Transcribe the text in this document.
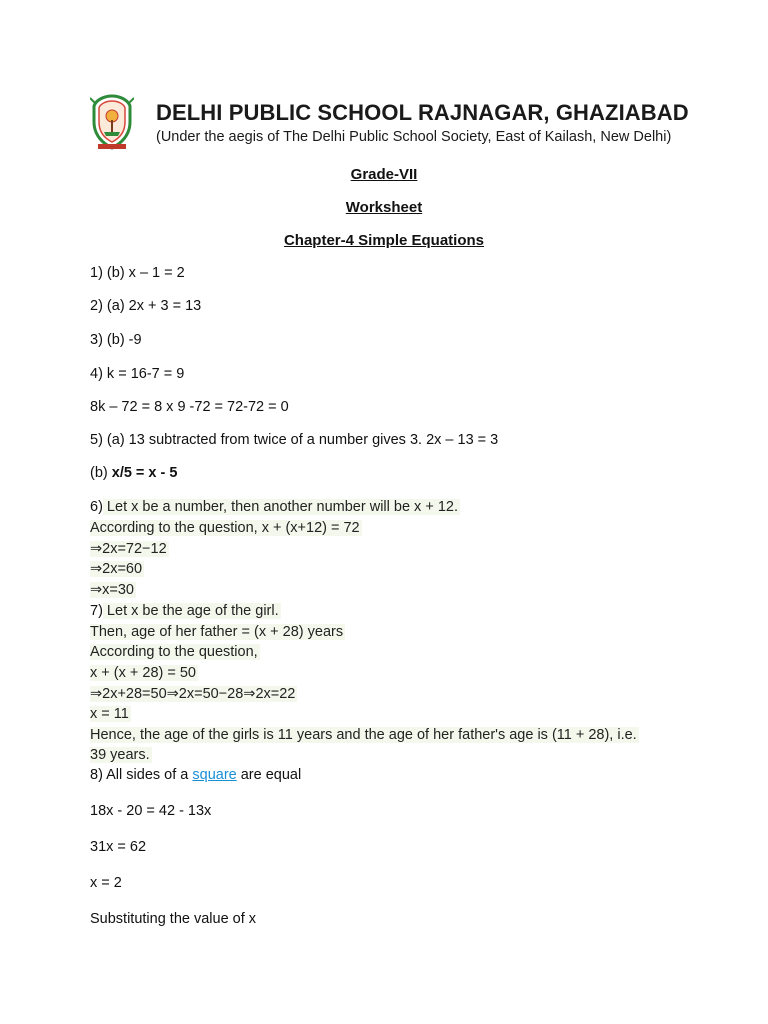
DELHI PUBLIC SCHOOL RAJNAGAR, GHAZIABAD
(Under the aegis of The Delhi Public School Society, East of Kailash, New Delhi)
Grade-VII
Worksheet
Chapter-4 Simple Equations
1) (b) x – 1 = 2
2) (a) 2x + 3 = 13
3) (b) -9
4) k = 16-7 = 9
8k – 72 = 8 x 9 -72 = 72-72 = 0
5) (a) 13 subtracted from twice of a number gives 3. 2x – 13 = 3
(b) x/5 = x - 5
6) Let x be a number, then another number will be x + 12.
According to the question, x + (x+12) = 72
⇒2x=72−12
⇒2x=60
⇒x=30
7) Let x be the age of the girl.
Then, age of her father = (x + 28) years
According to the question,
x + (x + 28) = 50
⇒2x+28=50⇒2x=50−28⇒2x=22
x = 11
Hence, the age of the girls is 11 years and the age of her father's age is (11 + 28), i.e.
39 years.
8) All sides of a square are equal
18x - 20 = 42 - 13x
31x = 62
x = 2
Substituting the value of x
